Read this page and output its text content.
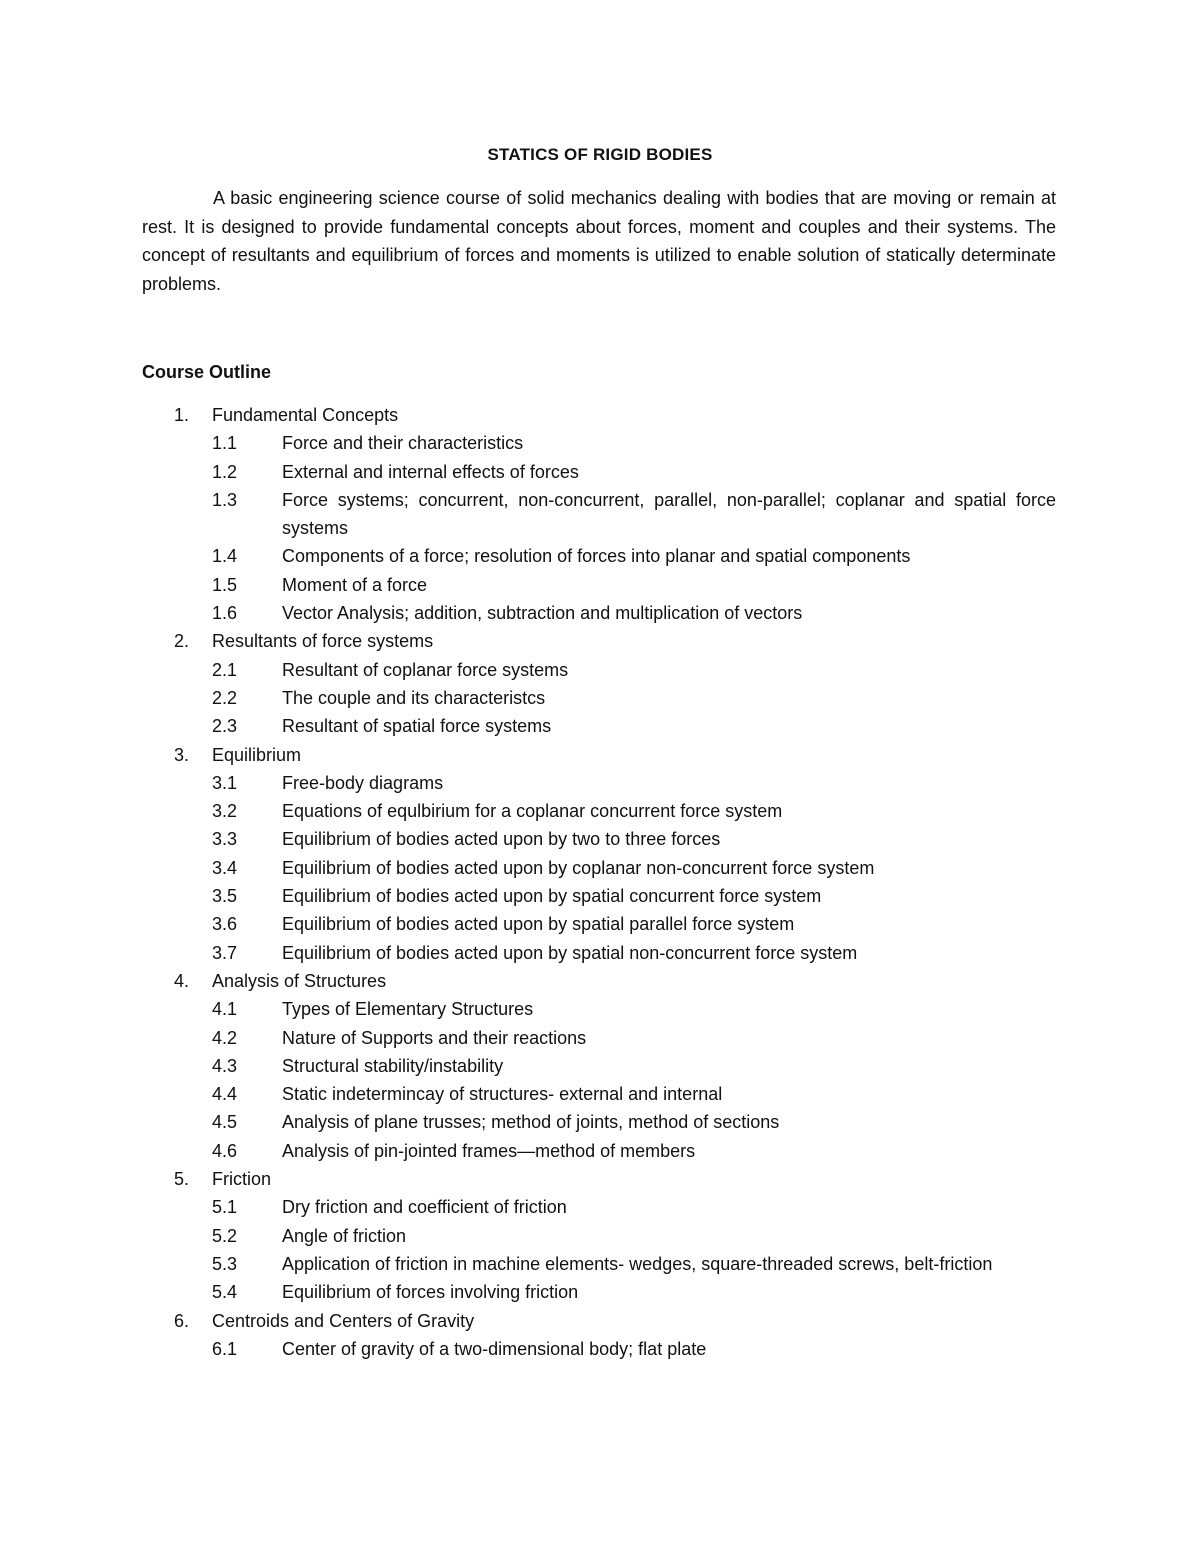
STATICS OF RIGID BODIES

A basic engineering science course of solid mechanics dealing with bodies that are moving or remain at rest. It is designed to provide fundamental concepts about forces, moment and couples and their systems. The concept of resultants and equilibrium of forces and moments is utilized to enable solution of statically determinate problems.

Course Outline
1. Fundamental Concepts
1.1 Force and their characteristics
1.2 External and internal effects of forces
1.3 Force systems; concurrent, non-concurrent, parallel, non-parallel; coplanar and spatial force systems
1.4 Components of a force; resolution of forces into planar and spatial components
1.5 Moment of a force
1.6 Vector Analysis; addition, subtraction and multiplication of vectors
2. Resultants of force systems
2.1 Resultant of coplanar force systems
2.2 The couple and its characteristcs
2.3 Resultant of spatial force systems
3. Equilibrium
3.1 Free-body diagrams
3.2 Equations of equlbirium for a coplanar concurrent force system
3.3 Equilibrium of bodies acted upon by two to three forces
3.4 Equilibrium of bodies acted upon by coplanar non-concurrent force system
3.5 Equilibrium of bodies acted upon by spatial concurrent force system
3.6 Equilibrium of bodies acted upon by spatial parallel force system
3.7 Equilibrium of bodies acted upon by spatial non-concurrent force system
4. Analysis of Structures
4.1 Types of Elementary Structures
4.2 Nature of Supports and their reactions
4.3 Structural stability/instability
4.4 Static indetermincay of structures- external and internal
4.5 Analysis of plane trusses; method of joints, method of sections
4.6 Analysis of pin-jointed frames—method of members
5. Friction
5.1 Dry friction and coefficient of friction
5.2 Angle of friction
5.3 Application of friction in machine elements- wedges, square-threaded screws, belt-friction
5.4 Equilibrium of forces involving friction
6. Centroids and Centers of Gravity
6.1 Center of gravity of a two-dimensional body; flat plate
